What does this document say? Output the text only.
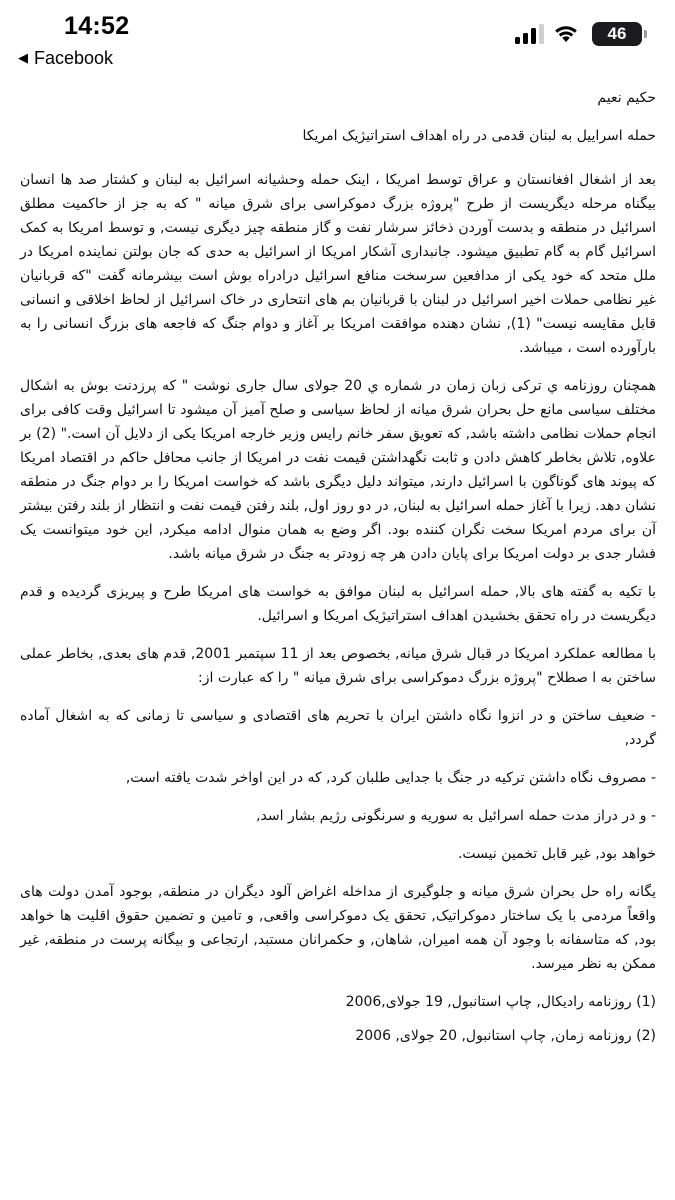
14:52	46
◀ Facebook

حکیم نعیم

حمله اسراییل به لبنان قدمی در راه اهداف استراتیژیک امریکا

بعد از اشغال افغانستان و عراق توسط امریکا ، اینک حمله وحشیانه اسرائیل به لبنان و کشتار صد ها انسان بیگناه مرحله دیگریست از طرح "پروژه بزرگ دموکراسی برای شرق میانه " که به جز از حاکمیت مطلق اسرائیل در منطقه و بدست آوردن ذخائز سرشار نفت و گاز منطقه چیز دیگری نیست, و توسط امریکا به کمک اسرائیل گام به گام تطبیق میشود. جانبداری آشکار امریکا از اسرائیل به حدی که جان بولتن نماینده امریکا در ملل متحد که خود یکی از مدافعین سرسخت منافع اسرائیل درادراه بوش است بیشرمانه گفت "که قربانیان غیر نظامی حملات اخیر اسرائیل در لبنان با قربانیان بم های انتحاری در خاک اسرائیل از لحاظ اخلاقی و انسانی قابل مقایسه نیست" (1), نشان دهنده موافقت امریکا بر آغاز و دوام جنگ که فاجعه های بزرگ انسانی را به بارآورده است ، میباشد.

همچنان روزنامه ي ترکی زبان زمان در شماره ي 20 جولای سال جاری نوشت " که پرزدنت بوش به اشکال مختلف سیاسی مانع حل بحران شرق میانه از لحاظ سیاسی و صلح آمیز آن میشود تا اسرائیل وقت کافی برای انجام حملات نظامی داشته باشد, که تعویق سفر خانم رایس وزیر خارجه امریکا یکی از دلایل آن است." (2) بر علاوه, تلاش بخاطر کاهش دادن و ثابت نگهداشتن قیمت نفت در امریکا از جانب محافل حاکم در اقتصاد امریکا که پیوند های گوناگون با اسرائیل دارند, میتواند دلیل دیگری باشد که خواست امریکا را بر دوام جنگ در منطقه نشان دهد. زیرا با آغاز حمله اسرائیل به لبنان, در دو روز اول, بلند رفتن قیمت نفت و انتظار از بلند رفتن بیشتر آن برای مردم امریکا سخت نگران کننده بود. اگر وضع به همان منوال ادامه میکرد, این خود میتوانست یک فشار جدی بر دولت امریکا برای پایان دادن هر چه زودتر به جنگ در شرق میانه باشد.

با تکیه به گفته های بالا, حمله اسرائیل به لبنان موافق به خواست های امریکا طرح و پیریزی گردیده و قدم دیگریست در راه تحقق بخشیدن اهداف استراتیژیک امریکا و اسرائیل.

با مطالعه عملکرد امریکا در قبال شرق میانه, بخصوص بعد از 11 سپتمبر 2001, قدم های بعدی, بخاطر عملی ساختن به ا صطلاح "پروژه بزرگ دموکراسی برای شرق میانه " را که عبارت از:

- ضعیف ساختن و در انزوا نگاه داشتن ایران با تحریم های اقتصادی و سیاسی تا زمانی که به اشغال آماده گردد,

- مصروف نگاه داشتن ترکیه در جنگ با جدایی طلبان کرد, که در این اواخر شدت یافته است,

- و در دراز مدت حمله اسرائیل به سوریه و سرنگونی رژیم بشار اسد,

خواهد بود, غیر قابل تخمین نیست.

یگانه راه حل بحران شرق میانه و جلوگیری از مداخله اغراض آلود دیگران در منطقه, بوجود آمدن دولت های واقعاً مردمی با یک ساختار دموکراتیک, تحقق یک دموکراسی واقعی, و تامین و تضمین حقوق اقلیت ها خواهد بود, که متاسفانه با وجود آن همه امیران, شاهان, و حکمرانان مستبد, ارتجاعی و بیگانه پرست در منطقه, غیر ممکن به نظر میرسد.

(1) روزنامه رادیکال, چاپ استانبول, 19 جولای,2006

(2) روزنامه زمان, چاپ استانبول, 20 جولای, 2006
